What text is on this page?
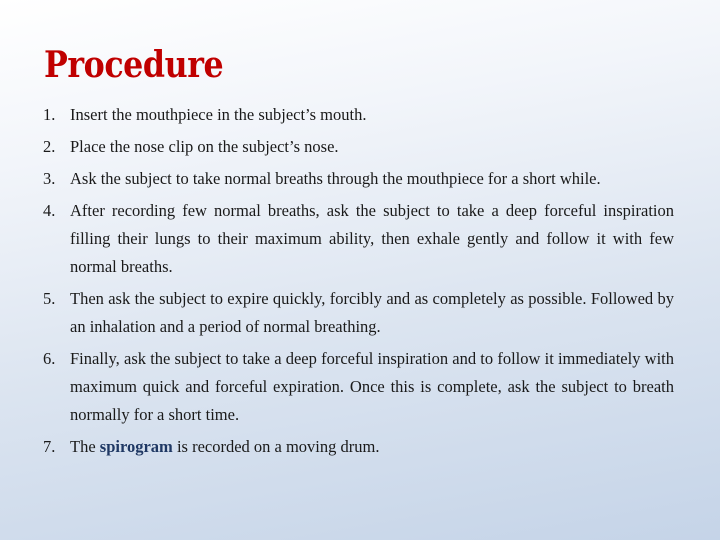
Procedure
1. Insert the mouthpiece in the subject’s mouth.
2. Place the nose clip on the subject’s nose.
3. Ask the subject to take normal breaths through the mouthpiece for a short while.
4. After recording few normal breaths, ask the subject to take a deep forceful inspiration filling their lungs to their maximum ability, then exhale gently and follow it with few normal breaths.
5. Then ask the subject to expire quickly, forcibly and as completely as possible. Followed by an inhalation and a period of normal breathing.
6. Finally, ask the subject to take a deep forceful inspiration and to follow it immediately with maximum quick and forceful expiration. Once this is complete, ask the subject to breath normally for a short time.
7. The spirogram is recorded on a moving drum.
